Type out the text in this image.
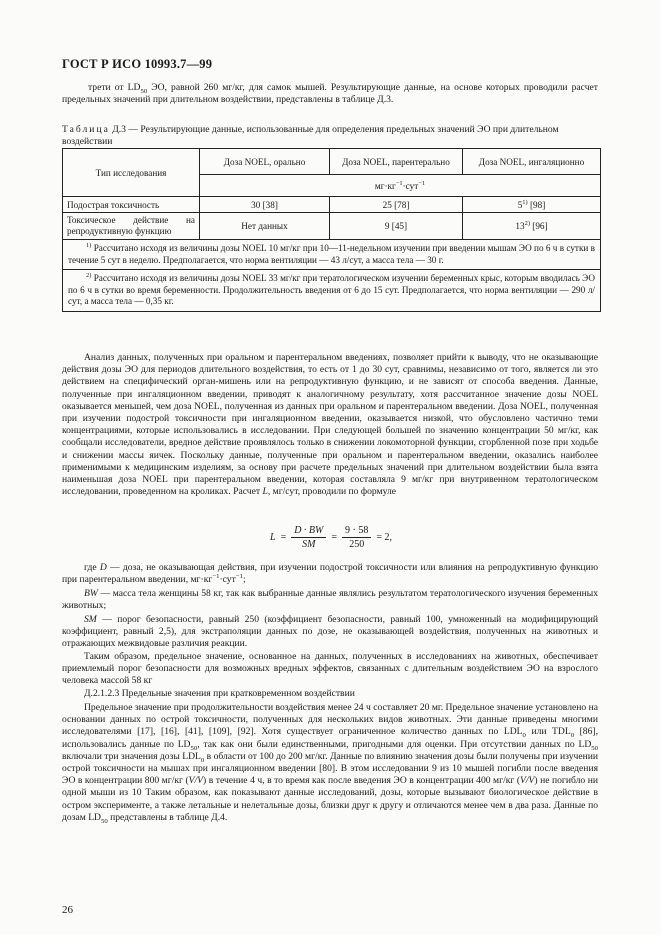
ГОСТ Р ИСО 10993.7—99

трети от $LD_{50}$ ЭО, равной 260 мг/кг, для самок мышей. Результирующие данные, на основе которых проводили расчет предельных значений при длительном воздействии, представлены в таблице Д.3.

Таблица Д.3 — Результирующие данные, использованные для определения предельных значений ЭО при длительном воздействии

Тип исследования	Доза NOEL, орально	Доза NOEL, парентерально	Доза NOEL, ингаляционно
	$мг\cdot кг^{-1}\cdot сут^{-1}$
Подострая токсичность	30 [38]	25 [78]	5$^{1)}$ [98]
Токсическое действие на репродуктивную функцию	Нет данных	9 [45]	13$^{2)}$ [96]
$^{1)}$ Рассчитано исходя из величины дозы NOEL 10 мг/кг при 10—11-недельном изучении при введении мышам ЭО по 6 ч в сутки в течение 5 сут в неделю. Предполагается, что норма вентиляции — 43 л/сут, а масса тела — 30 г.			
$^{2)}$ Рассчитано исходя из величины дозы NOEL 33 мг/кг при тератологическом изучении беременных крыс, которым вводилась ЭО по 6 ч в сутки во время беременности. Продолжительность введения от 6 до 15 сут. Предполагается, что норма вентиляции — 290 л/сут, а масса тела — 0,35 кг.			

Анализ данных, полученных при оральном и парентеральном введениях, позволяет прийти к выводу, что не оказывающие действия дозы ЭО для периодов длительного воздействия, то есть от 1 до 30 сут, сравнимы, независимо от того, является ли это действием на специфический орган-мишень или на репродуктивную функцию, и не зависят от способа введения. Данные, полученные при ингаляционном введении, приводят к аналогичному результату, хотя рассчитанное значение дозы NOEL оказывается меньшей, чем доза NOEL, полученная из данных при оральном и парентеральном введении. Доза NOEL, полученная при изучении подострой токсичности при ингаляционном введении, оказывается низкой, что обусловлено частично теми концентрациями, которые использовались в исследовании. При следующей большей по значению концентрации 50 мг/кг, как сообщали исследователи, вредное действие проявлялось только в снижении локомоторной функции, сгорбленной позе при ходьбе и снижении массы яичек. Поскольку данные, полученные при оральном и парентеральном введении, оказались наиболее применимыми к медицинским изделиям, за основу при расчете предельных значений при длительном воздействии была взята наименьшая доза NOEL при парентеральном введении, которая составляла 9 мг/кг при внутривенном тератологическом исследовании, проведенном на кроликах. Расчет L, мг/сут, проводили по формуле

$L = \frac{D \cdot BW}{SM} = \frac{9 \cdot 58}{250} = 2$,

где D — доза, не оказывающая действия, при изучении подострой токсичности или влияния на репродуктивную функцию при парентеральном введении, $мг\cdot кг^{-1}\cdot сут^{-1}$;

BW — масса тела женщины 58 кг, так как выбранные данные являлись результатом тератологического изучения беременных животных;

SM — порог безопасности, равный 250 (коэффициент безопасности, равный 100, умноженный на модифицирующий коэффициент, равный 2,5), для экстраполяции данных по дозе, не оказывающей воздействия, полученных на животных и отражающих межвидовые различия реакции.

Таким образом, предельное значение, основанное на данных, полученных в исследованиях на животных, обеспечивает приемлемый порог безопасности для возможных вредных эффектов, связанных с длительным воздействием ЭО на взрослого человека массой 58 кг

Д.2.1.2.3 Предельные значения при кратковременном воздействии

Предельное значение при продолжительности воздействия менее 24 ч составляет 20 мг. Предельное значение установлено на основании данных по острой токсичности, полученных для нескольких видов животных. Эти данные приведены многими исследователями [17], [16], [41], [109], [92]. Хотя существует ограниченное количество данных по $LDL_0$ или $TDL_0$ [86], использовались данные по $LD_{50}$, так как они были единственными, пригодными для оценки. При отсутствии данных по $LD_{50}$ включали три значения дозы $LDL_0$ в области от 100 до 200 мг/кг. Данные по влиянию значения дозы были получены при изучении острой токсичности на мышах при ингаляционном введении [80]. В этом исследовании 9 из 10 мышей погибли после введения ЭО в концентрации 800 мг/кг (V/V) в течение 4 ч, в то время как после введения ЭО в концентрации 400 мг/кг (V/V) не погибло ни одной мыши из 10 Таким образом, как показывают данные исследований, дозы, которые вызывают биологическое действие в остром эксперименте, а также летальные и нелетальные дозы, близки друг к другу и отличаются менее чем в два раза. Данные по дозам $LD_{50}$ представлены в таблице Д.4.

26
